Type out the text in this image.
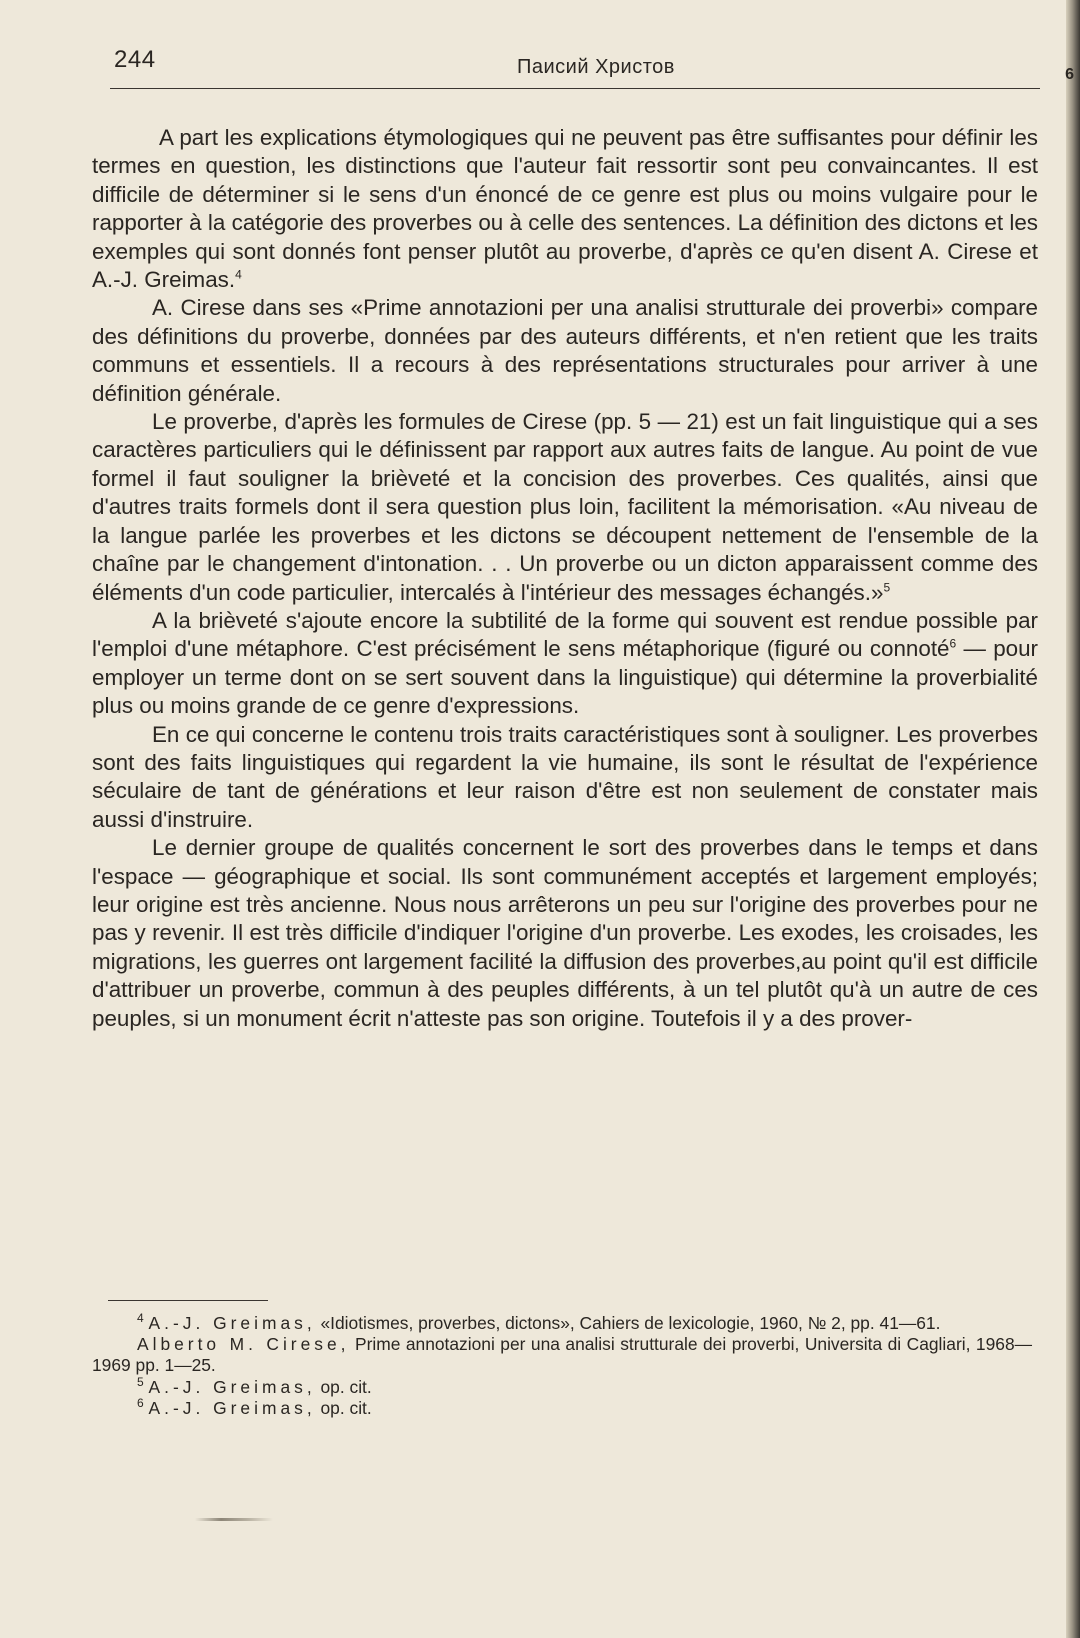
6
244	Паисий Христов

A part les explications étymologiques qui ne peuvent pas être suffisantes pour définir les termes en question, les distinctions que l'auteur fait ressortir sont peu convaincantes. Il est difficile de déterminer si le sens d'un énoncé de ce genre est plus ou moins vulgaire pour le rapporter à la catégorie des proverbes ou à celle des sentences. La définition des dictons et les exemples qui sont donnés font penser plutôt au proverbe, d'après ce qu'en disent A. Cirese et A.-J. Greimas.$^4$

A. Cirese dans ses «Prime annotazioni per una analisi strutturale dei proverbi» compare des définitions du proverbe, données par des auteurs différents, et n'en retient que les traits communs et essentiels. Il a recours à des représentations structurales pour arriver à une définition générale.

Le proverbe, d'après les formules de Cirese (pp. 5 — 21) est un fait linguistique qui a ses caractères particuliers qui le définissent par rapport aux autres faits de langue. Au point de vue formel il faut souligner la brièveté et la concision des proverbes. Ces qualités, ainsi que d'autres traits formels dont il sera question plus loin, facilitent la mémorisation. «Au niveau de la langue parlée les proverbes et les dictons se découpent nettement de l'ensemble de la chaîne par le changement d'intonation. . . Un proverbe ou un dicton apparaissent comme des éléments d'un code particulier, intercalés à l'intérieur des messages échangés.»$^5$

A la brièveté s'ajoute encore la subtilité de la forme qui souvent est rendue possible par l'emploi d'une métaphore. C'est précisément le sens métaphorique (figuré ou connoté$^6$ — pour employer un terme dont on se sert souvent dans la linguistique) qui détermine la proverbialité plus ou moins grande de ce genre d'expressions.

En ce qui concerne le contenu trois traits caractéristiques sont à souligner. Les proverbes sont des faits linguistiques qui regardent la vie humaine, ils sont le résultat de l'expérience séculaire de tant de générations et leur raison d'être est non seulement de constater mais aussi d'instruire.

Le dernier groupe de qualités concernent le sort des proverbes dans le temps et dans l'espace — géographique et social. Ils sont communément acceptés et largement employés; leur origine est très ancienne. Nous nous arrêterons un peu sur l'origine des proverbes pour ne pas y revenir. Il est très difficile d'indiquer l'origine d'un proverbe. Les exodes, les croisades, les migrations, les guerres ont largement facilité la diffusion des proverbes,au point qu'il est difficile d'attribuer un proverbe, commun à des peuples différents, à un tel plutôt qu'à un autre de ces peuples, si un monument écrit n'atteste pas son origine. Toutefois il y a des prover-

$^4$ A.-J. Greimas, «Idiotismes, proverbes, dictons», Cahiers de lexicologie, 1960, № 2, pp. 41—61.

Alberto M. Cirese, Prime annotazioni per una analisi strutturale dei proverbi, Universita di Cagliari, 1968—1969 pp. 1—25.

$^5$ A.-J. Greimas, op. cit.

$^6$ A.-J. Greimas, op. cit.
